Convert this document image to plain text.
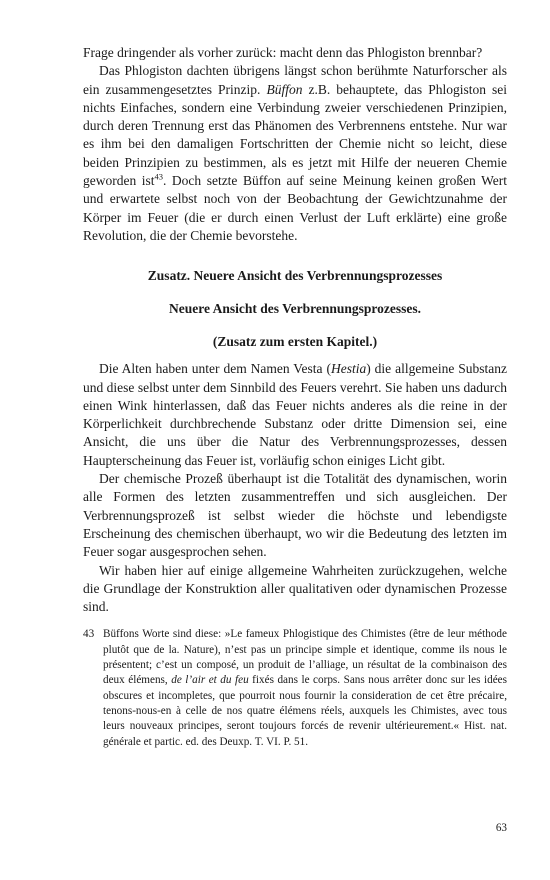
Frage dringender als vorher zurück: macht denn das Phlogiston brennbar?

Das Phlogiston dachten übrigens längst schon berühmte Naturforscher als ein zusammengesetztes Prinzip. Büffon z.B. behauptete, das Phlogiston sei nichts Einfaches, sondern eine Verbindung zweier verschiedenen Prinzipien, durch deren Trennung erst das Phänomen des Verbrennens entstehe. Nur war es ihm bei den damaligen Fortschritten der Chemie nicht so leicht, diese beiden Prinzipien zu bestimmen, als es jetzt mit Hilfe der neueren Chemie geworden ist$^{43}$. Doch setzte Büffon auf seine Meinung keinen großen Wert und erwartete selbst noch von der Beobachtung der Gewichtzunahme der Körper im Feuer (die er durch einen Verlust der Luft erklärte) eine große Revolution, die der Chemie bevorstehe.

Zusatz. Neuere Ansicht des Verbrennungsprozesses
Neuere Ansicht des Verbrennungsprozesses.
(Zusatz zum ersten Kapitel.)

Die Alten haben unter dem Namen Vesta (Hestia) die allgemeine Substanz und diese selbst unter dem Sinnbild des Feuers verehrt. Sie haben uns dadurch einen Wink hinterlassen, daß das Feuer nichts anderes als die reine in der Körperlichkeit durchbrechende Substanz oder dritte Dimension sei, eine Ansicht, die uns über die Natur des Verbrennungsprozesses, dessen Haupterscheinung das Feuer ist, vorläufig schon einiges Licht gibt.

Der chemische Prozeß überhaupt ist die Totalität des dynamischen, worin alle Formen des letzten zusammentreffen und sich ausgleichen. Der Verbrennungsprozeß ist selbst wieder die höchste und lebendigste Erscheinung des chemischen überhaupt, wo wir die Bedeutung des letzten im Feuer sogar ausgesprochen sehen.

Wir haben hier auf einige allgemeine Wahrheiten zurückzugehen, welche die Grundlage der Konstruktion aller qualitativen oder dynamischen Prozesse sind.

43 Büffons Worte sind diese: »Le fameux Phlogistique des Chimistes (être de leur méthode plutôt que de la. Nature), n’est pas un principe simple et identique, comme ils nous le présentent; c’est un composé, un produit de l’alliage, un résultat de la combinaison des deux élémens, de l’air et du feu fixés dans le corps. Sans nous arrêter donc sur les idées obscures et incompletes, que pourroit nous fournir la consideration de cet être précaire, tenons-nous-en à celle de nos quatre élémens réels, auxquels les Chimistes, avec tous leurs nouveaux principes, seront toujours forcés de revenir ultérieurement.« Hist. nat. générale et partic. ed. des Deuxp. T. VI. P. 51.
63
